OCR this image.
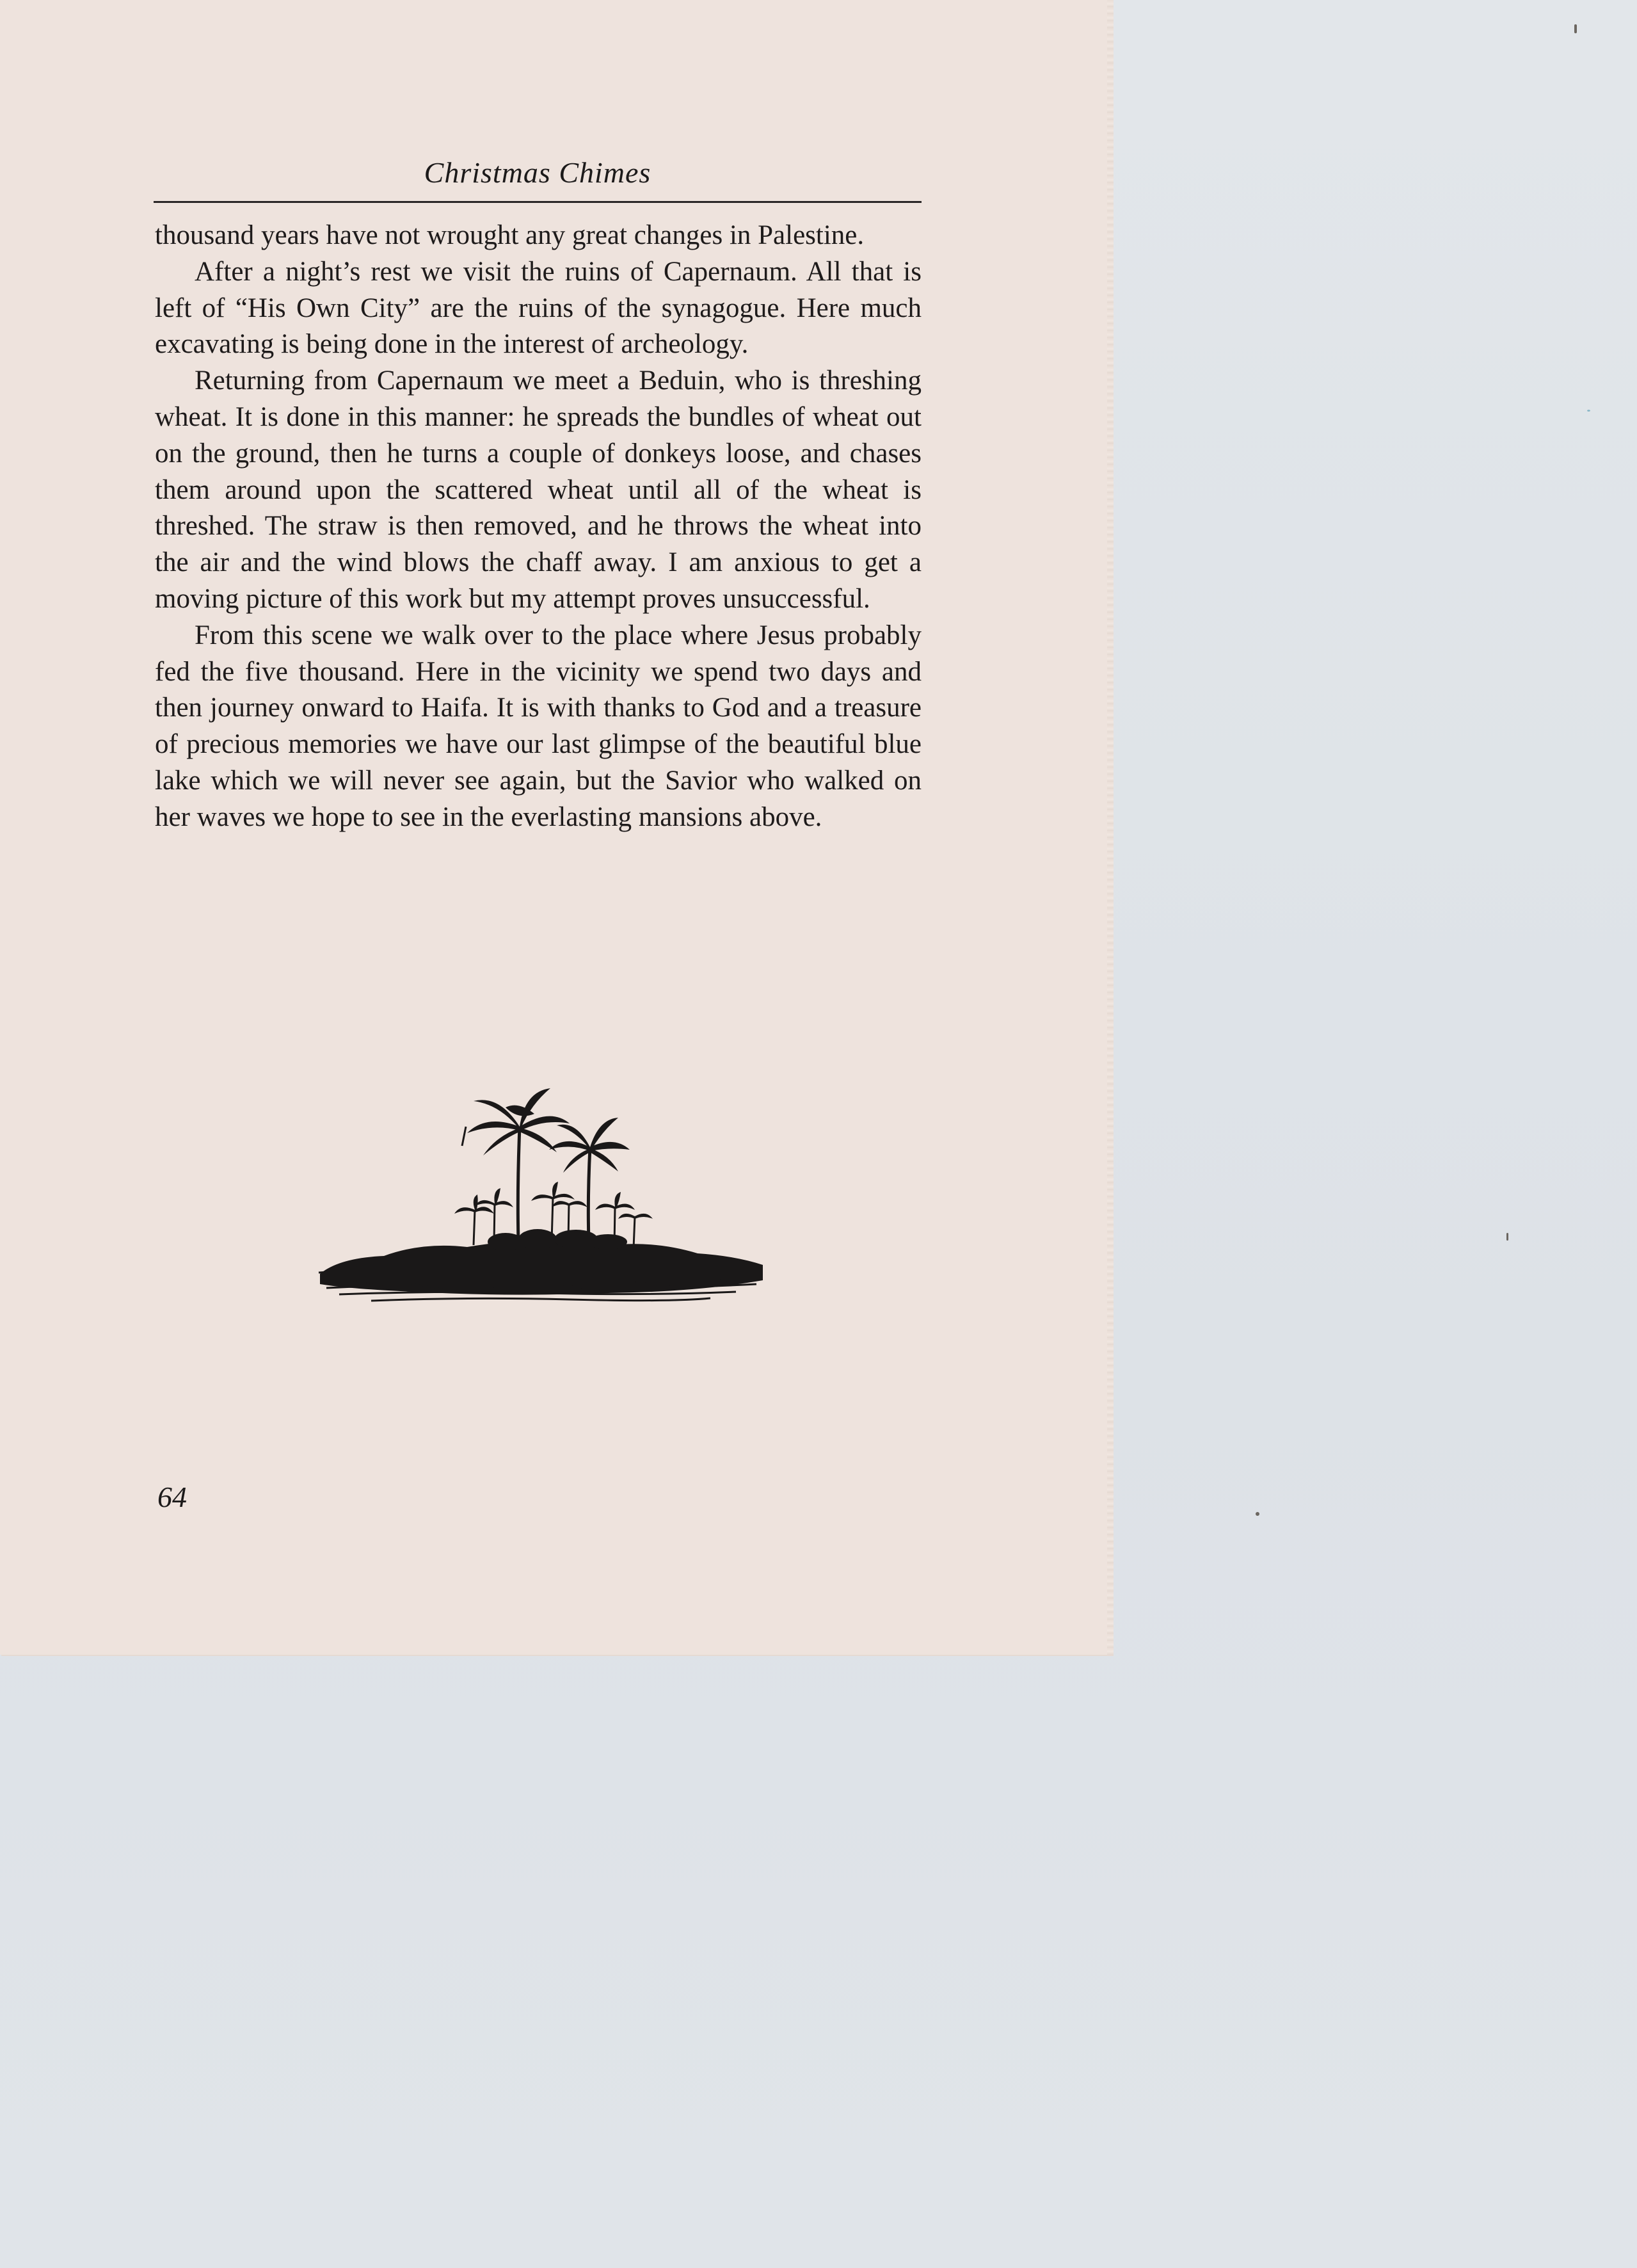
Christmas Chimes

thousand years have not wrought any great changes in Palestine.

After a night’s rest we visit the ruins of Capernaum. All that is left of “His Own City” are the ruins of the synagogue. Here much excavating is being done in the interest of archeology.

Returning from Capernaum we meet a Beduin, who is threshing wheat. It is done in this manner: he spreads the bundles of wheat out on the ground, then he turns a couple of donkeys loose, and chases them around upon the scattered wheat until all of the wheat is threshed. The straw is then removed, and he throws the wheat into the air and the wind blows the chaff away. I am anxious to get a moving picture of this work but my attempt proves unsuccessful.

From this scene we walk over to the place where Jesus probably fed the five thousand. Here in the vicinity we spend two days and then journey onward to Haifa. It is with thanks to God and a treasure of precious memories we have our last glimpse of the beautiful blue lake which we will never see again, but the Savior who walked on her waves we hope to see in the everlasting mansions above.

64
